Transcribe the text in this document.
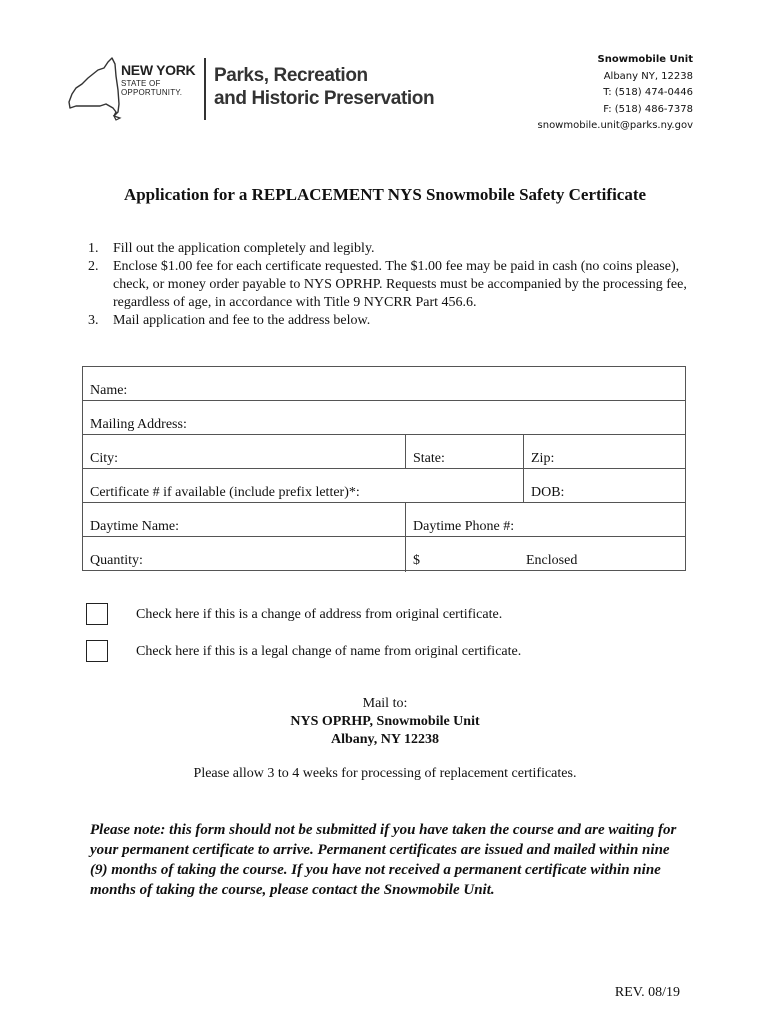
NEW YORK
STATE OF OPPORTUNITY.
Parks, Recreation
and Historic Preservation
Snowmobile Unit
Albany NY, 12238
T: (518) 474-0446
F: (518) 486-7378
snowmobile.unit@parks.ny.gov
Application for a REPLACEMENT NYS Snowmobile Safety Certificate
1. Fill out the application completely and legibly.
2. Enclose $1.00 fee for each certificate requested. The $1.00 fee may be paid in cash (no coins please), check, or money order payable to NYS OPRHP. Requests must be accompanied by the processing fee, regardless of age, in accordance with Title 9 NYCRR Part 456.6.
3. Mail application and fee to the address below.
Name:
Mailing Address:
City:	State:	Zip:
Certificate # if available (include prefix letter)*:	DOB:
Daytime Name:	Daytime Phone #:
Quantity:	$	Enclosed
Check here if this is a change of address from original certificate.
Check here if this is a legal change of name from original certificate.
Mail to:
NYS OPRHP, Snowmobile Unit
Albany, NY 12238
Please allow 3 to 4 weeks for processing of replacement certificates.
Please note: this form should not be submitted if you have taken the course and are waiting for your permanent certificate to arrive. Permanent certificates are issued and mailed within nine (9) months of taking the course. If you have not received a permanent certificate within nine months of taking the course, please contact the Snowmobile Unit.
REV. 08/19
